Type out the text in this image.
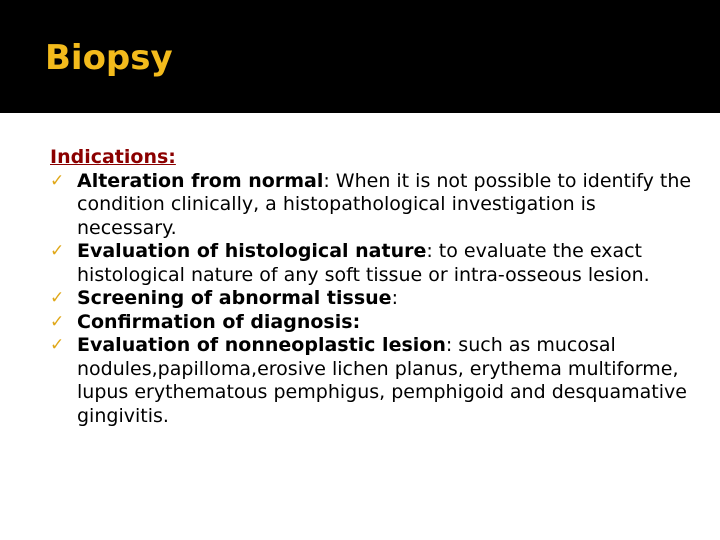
Biopsy
Indications:
✓ Alteration from normal: When it is not possible to identify the condition clinically, a histopathological investigation is necessary.
✓ Evaluation of histological nature: to evaluate the exact histological nature of any soft tissue or intra-osseous lesion.
✓ Screening of abnormal tissue:
✓ Confirmation of diagnosis:
✓ Evaluation of nonneoplastic lesion: such as mucosal nodules,papilloma,erosive lichen planus, erythema multiforme, lupus erythematous pemphigus, pemphigoid and desquamative gingivitis.
